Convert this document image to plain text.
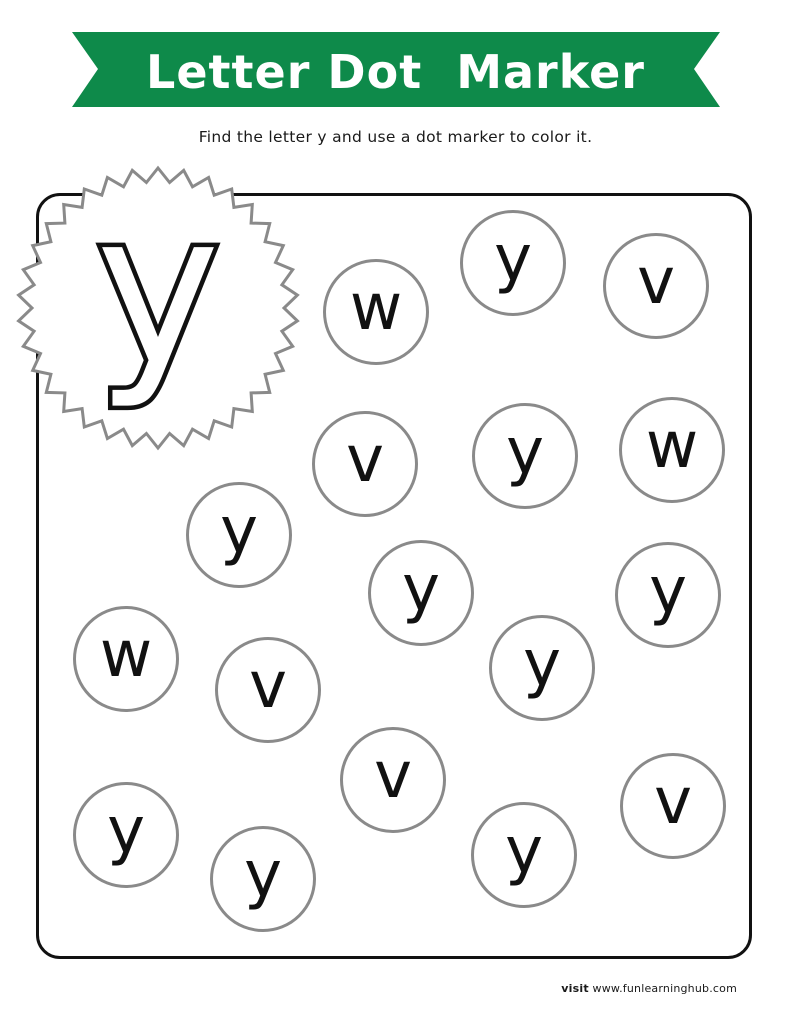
Letter Dot  Marker
Find the letter y and use a dot marker to color it.
y	w
y	v
v	y	w
y
y	y
w	v	y
v	v
y
y	y
visit www.funlearninghub.com
